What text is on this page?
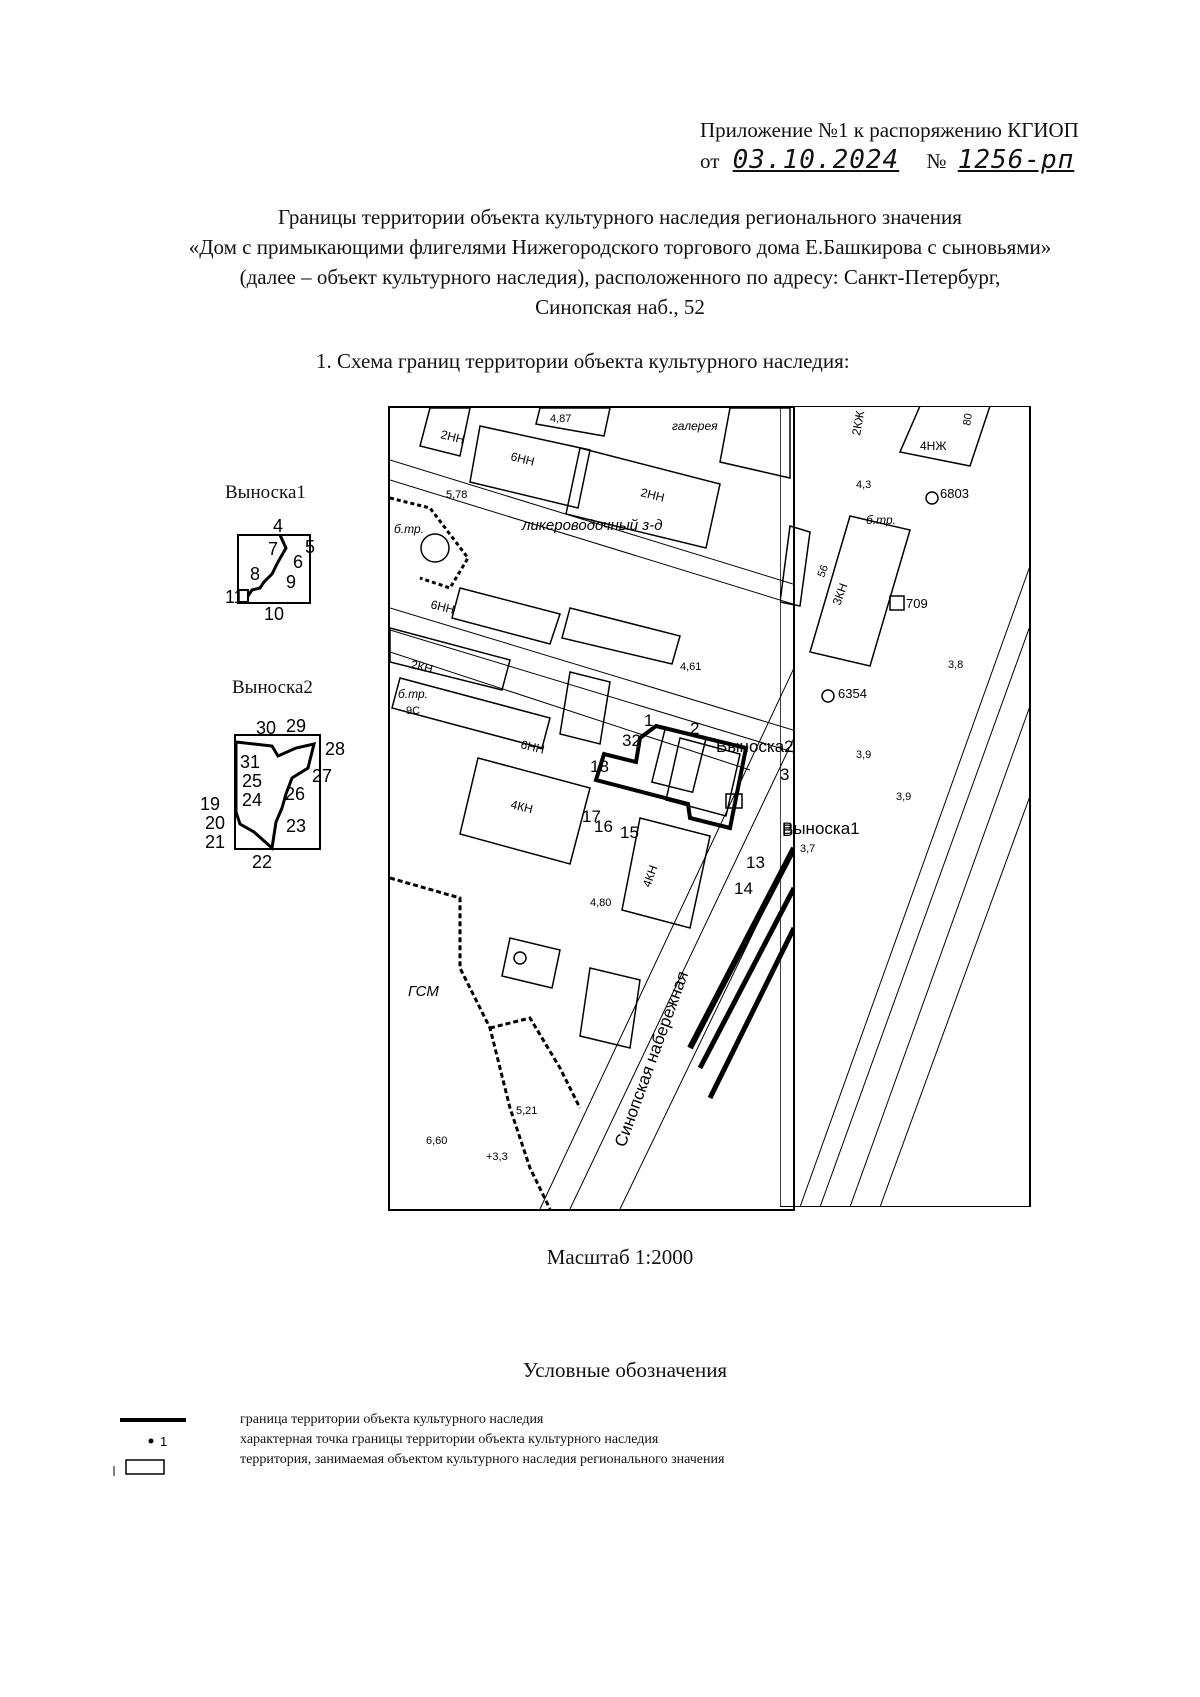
Приложение №1 к распоряжению КГИОП
от 03.10.2024 № 1256-рп
Границы территории объекта культурного наследия регионального значения
«Дом с примыкающими флигелями Нижегородского торгового дома Е.Башкирова с сыновьями»
(далее – объект культурного наследия), расположенного по адресу: Санкт-Петербург,
Синопская наб., 52
1. Схема границ территории объекта культурного наследия:
Выноска1
4
5
6
7
8 9
10
11
Выноска2
19
20
21
22
23
24
25
26
27
28
29
30
31
2НН
6НН
2НН
ликероводочный з-д
галерея
6НН
2КН
6НН
4КН
4КН
б.тр.
б.тр.
9С
ГСМ
4,87
5,78
4,61
4,80
5,21
6,60
+3,3
Синопская набережная
1 2
3
13
14
15
16
17
18
32
В
Выноска2
6803
709
6354
4,3
3,9
3,8
3,9
3,7
3КН
4НЖ
2КЖ
б.тр.
56
80
Выноска1
Масштаб 1:2000
Условные обозначения
1
граница территории объекта культурного наследия
характерная точка границы территории объекта культурного наследия
территория, занимаемая объектом культурного наследия регионального значения
